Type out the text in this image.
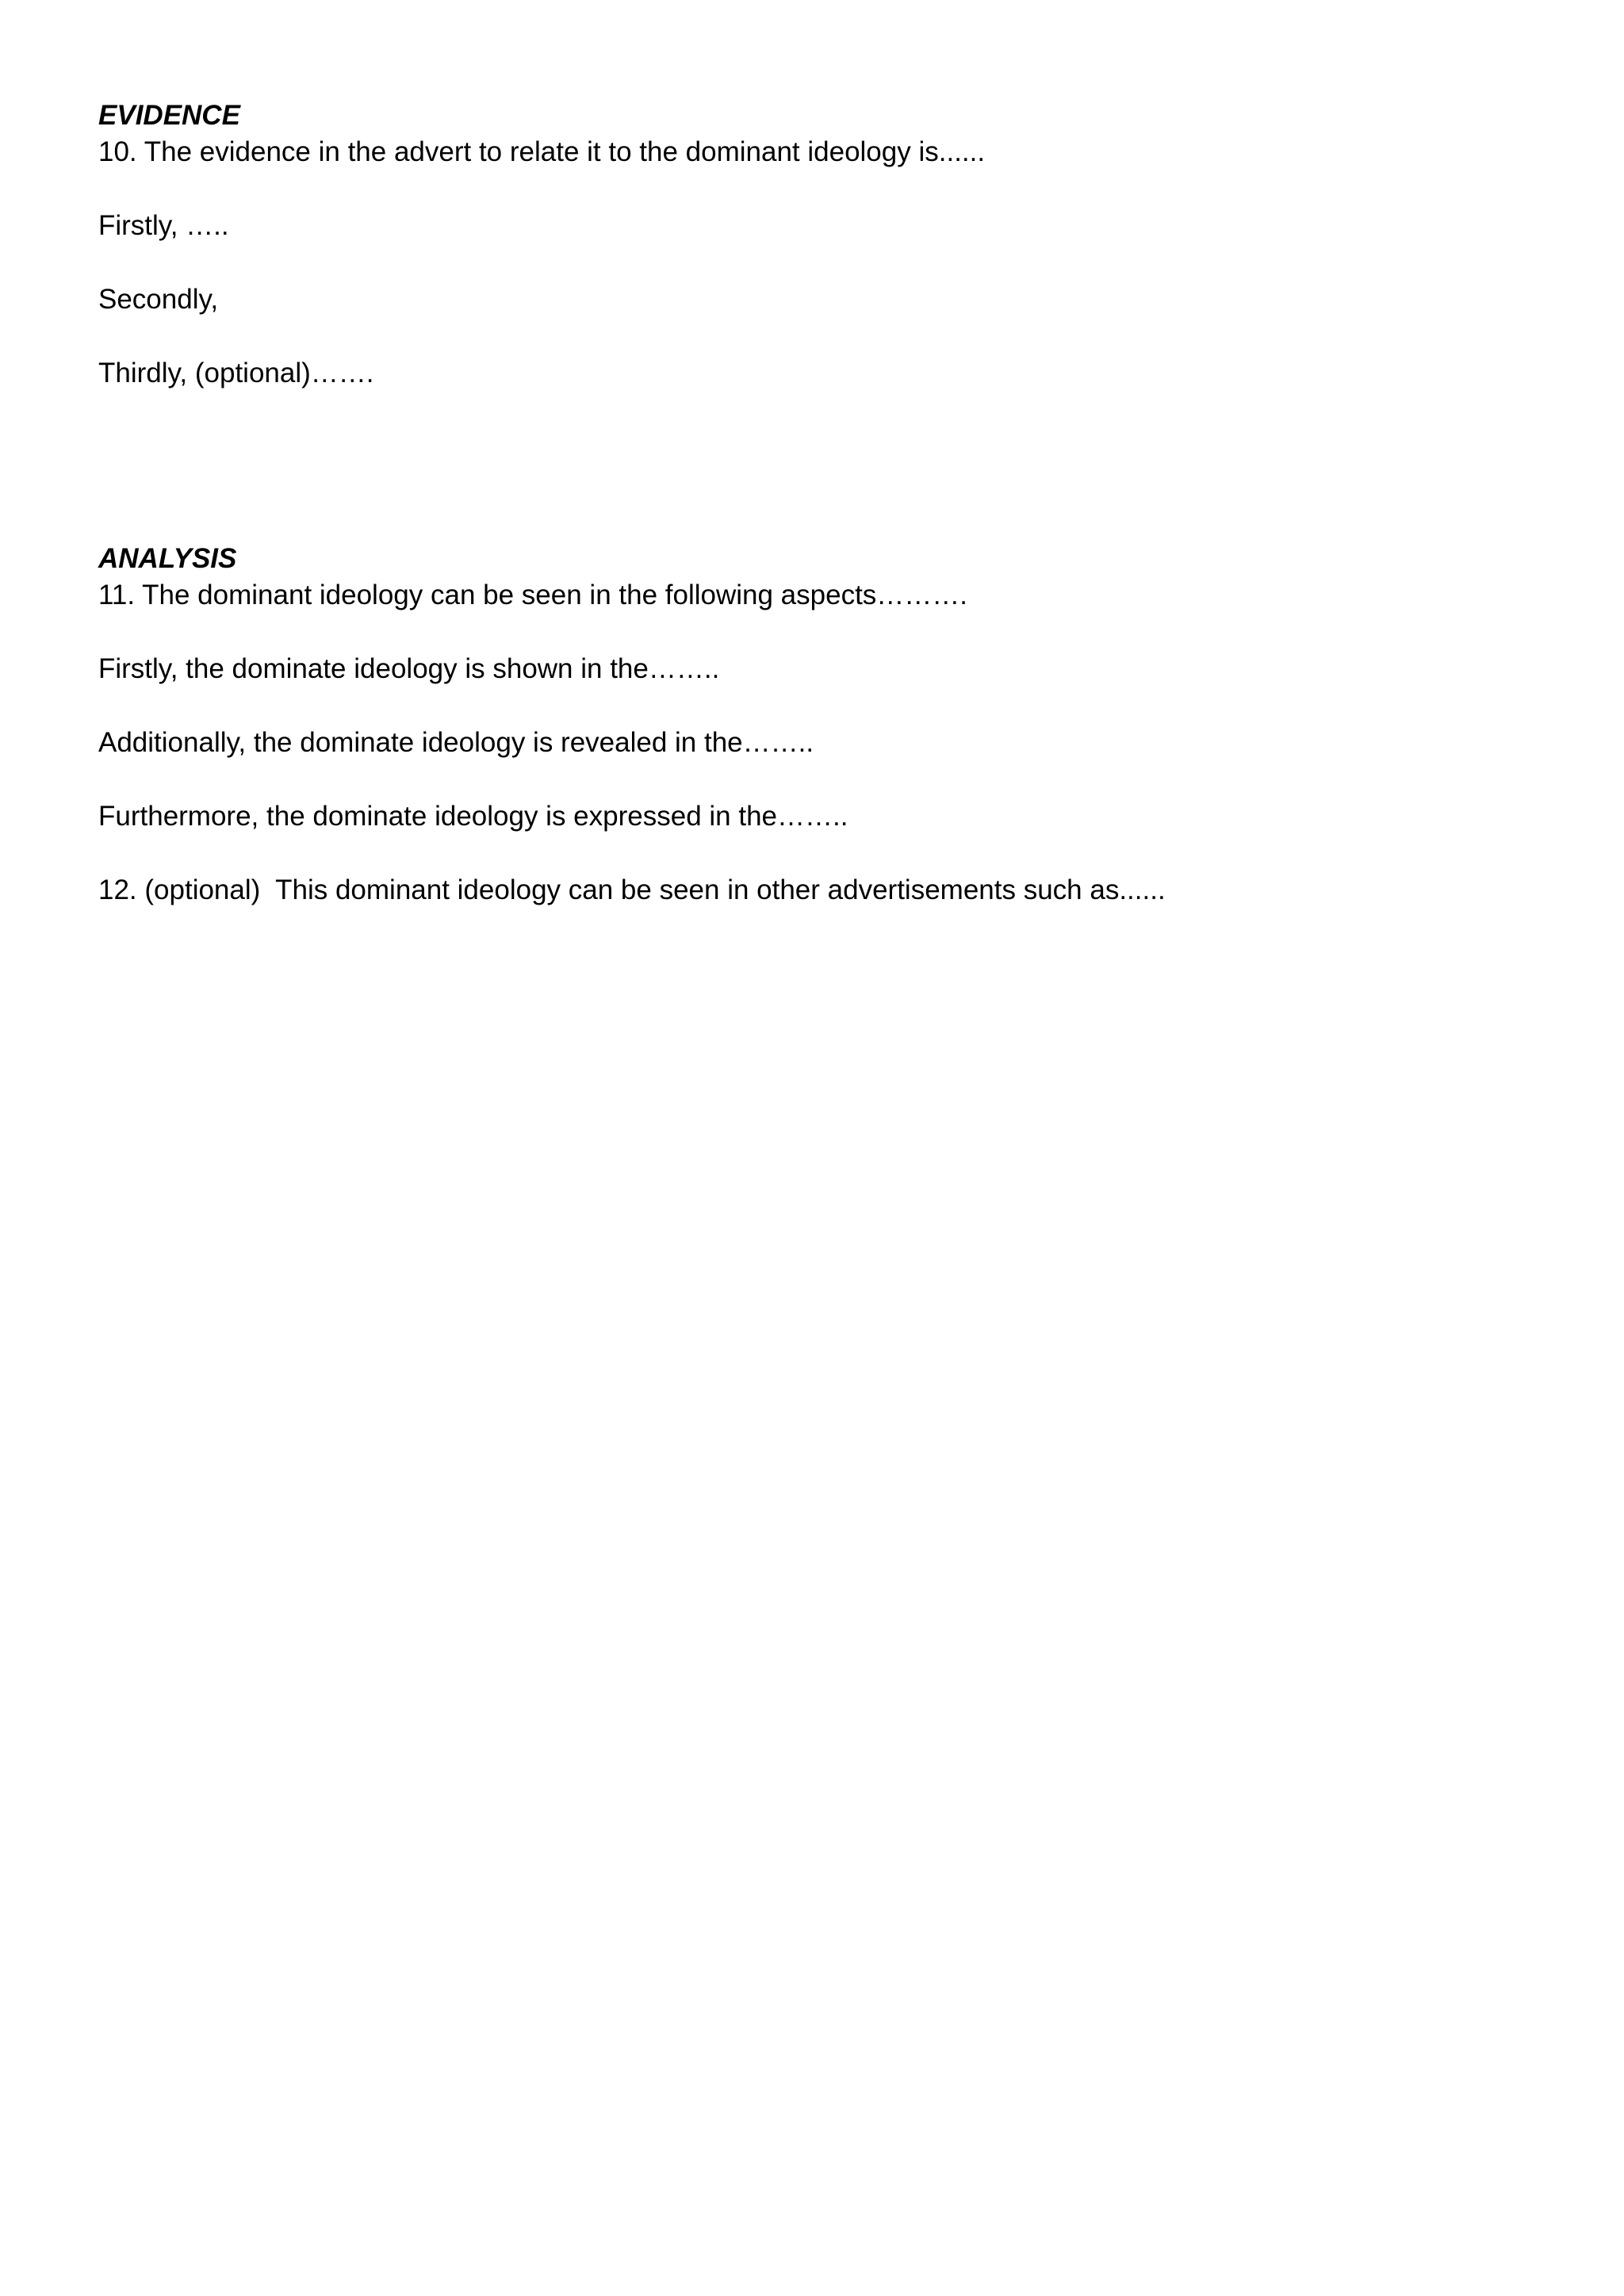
EVIDENCE

10. The evidence in the advert to relate it to the dominant ideology is......

Firstly, …..

Secondly,

Thirdly, (optional)…….

ANALYSIS

11. The dominant ideology can be seen in the following aspects……….

Firstly, the dominate ideology is shown in the……..

Additionally, the dominate ideology is revealed in the……..

Furthermore, the dominate ideology is expressed in the……..

12. (optional)  This dominant ideology can be seen in other advertisements such as......
